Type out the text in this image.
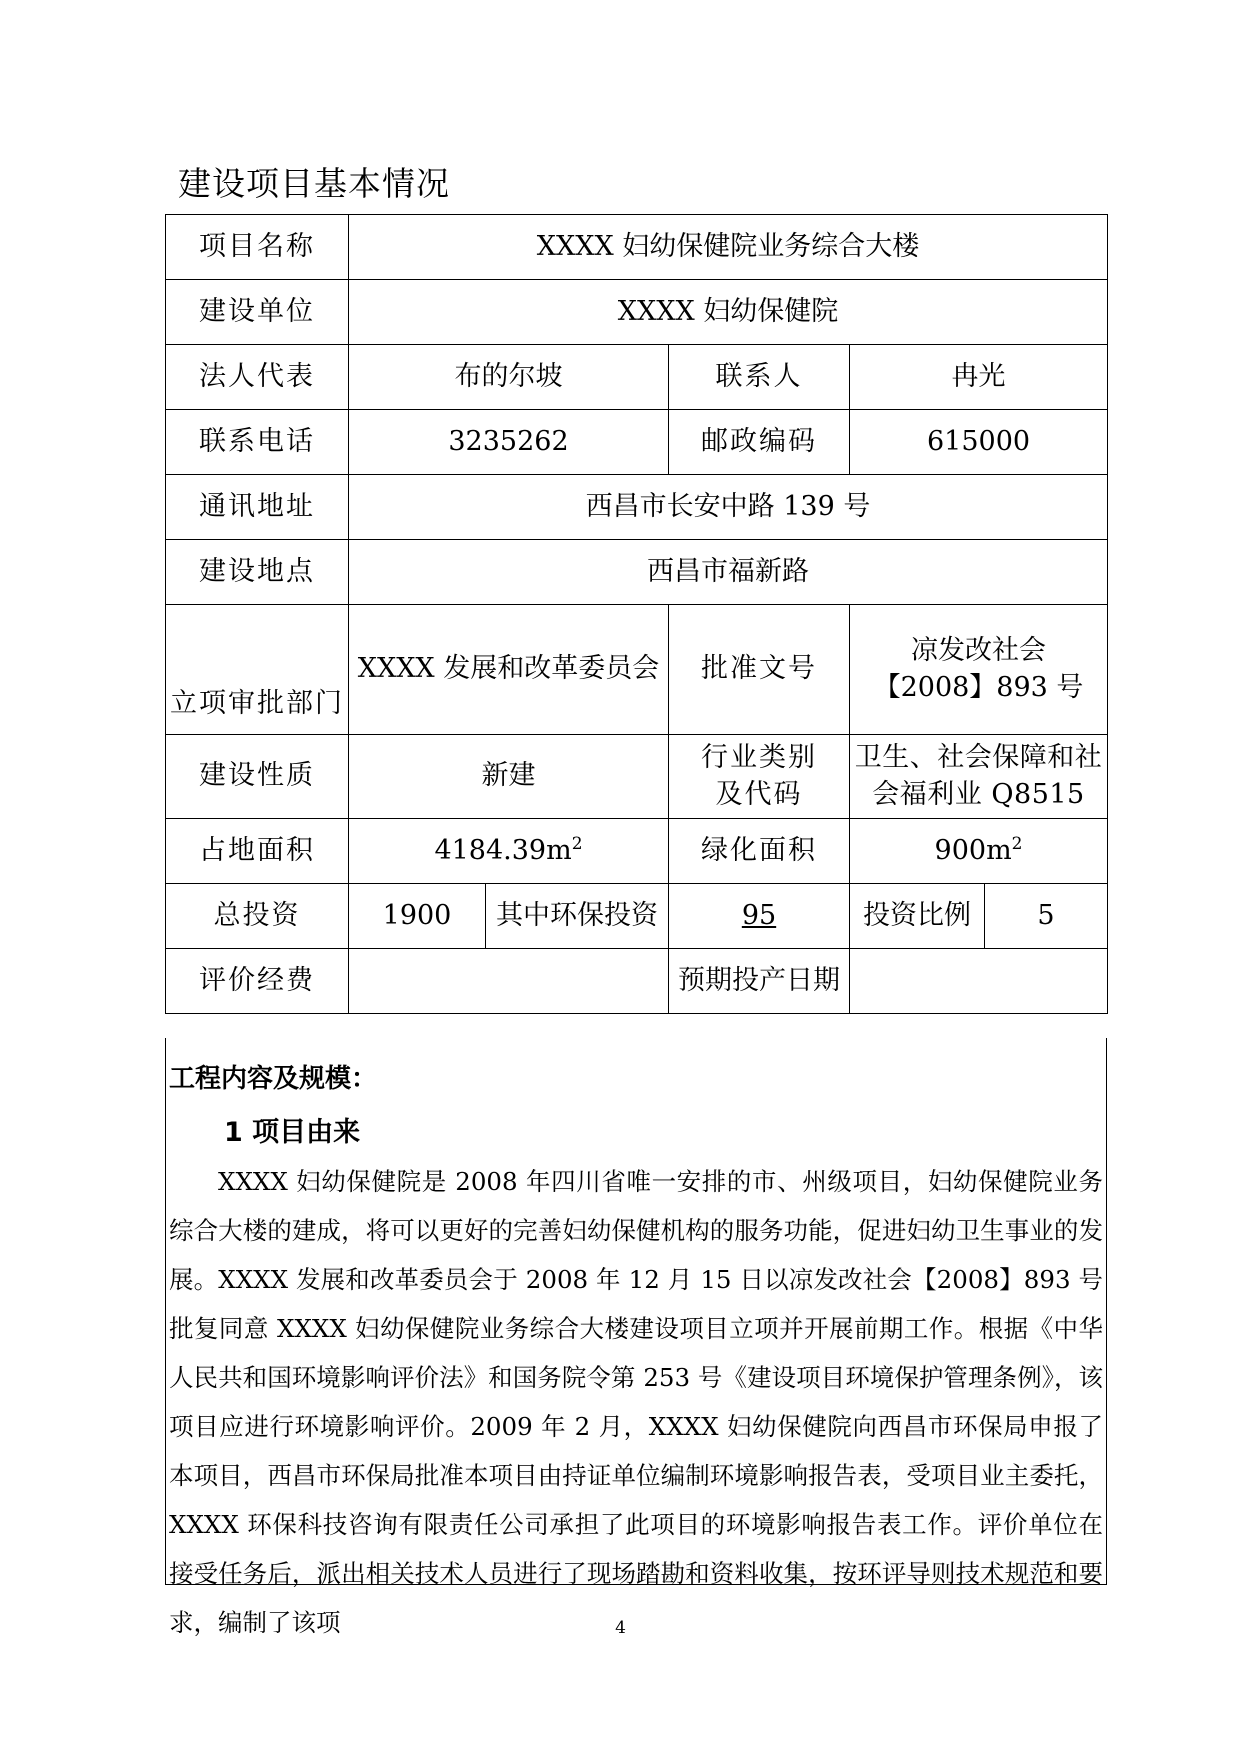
建设项目基本情况
项目名称	XXXX 妇幼保健院业务综合大楼				
建设单位	XXXX 妇幼保健院				
法人代表	布的尔坡		联系人	冉光	
联系电话	3235262		邮政编码	615000	
通讯地址	西昌市长安中路 139 号				
建设地点	西昌市福新路				
立项审批部门	XXXX 发展和改革委员会		批准文号	凉发改社会
【2008】893 号	

建设性质	新建		行业类别及代码	卫生、社会保障和社会福利业 Q8515	
占地面积	$4184.39m^2$		绿化面积	$900m^2$
总投资	1900	其中环保投资	95	投资比例	5
评价经费			预期投产日期		
工程内容及规模：
1 项目由来

XXXX 妇幼保健院是 2008 年四川省唯一安排的市、州级项目，妇幼保健院业务综合大楼的建成，将可以更好的完善妇幼保健机构的服务功能，促进妇幼卫生事业的发展。XXXX 发展和改革委员会于 2008 年 12 月 15 日以凉发改社会【2008】893 号批复同意 XXXX 妇幼保健院业务综合大楼建设项目立项并开展前期工作。根据《中华人民共和国环境影响评价法》和国务院令第 253 号《建设项目环境保护管理条例》，该项目应进行环境影响评价。2009 年 2 月，XXXX 妇幼保健院向西昌市环保局申报了本项目，西昌市环保局批准本项目由持证单位编制环境影响报告表，受项目业主委托，XXXX 环保科技咨询有限责任公司承担了此项目的环境影响报告表工作。评价单位在接受任务后，派出相关技术人员进行了现场踏勘和资料收集，按环评导则技术规范和要求，编制了该项	4
